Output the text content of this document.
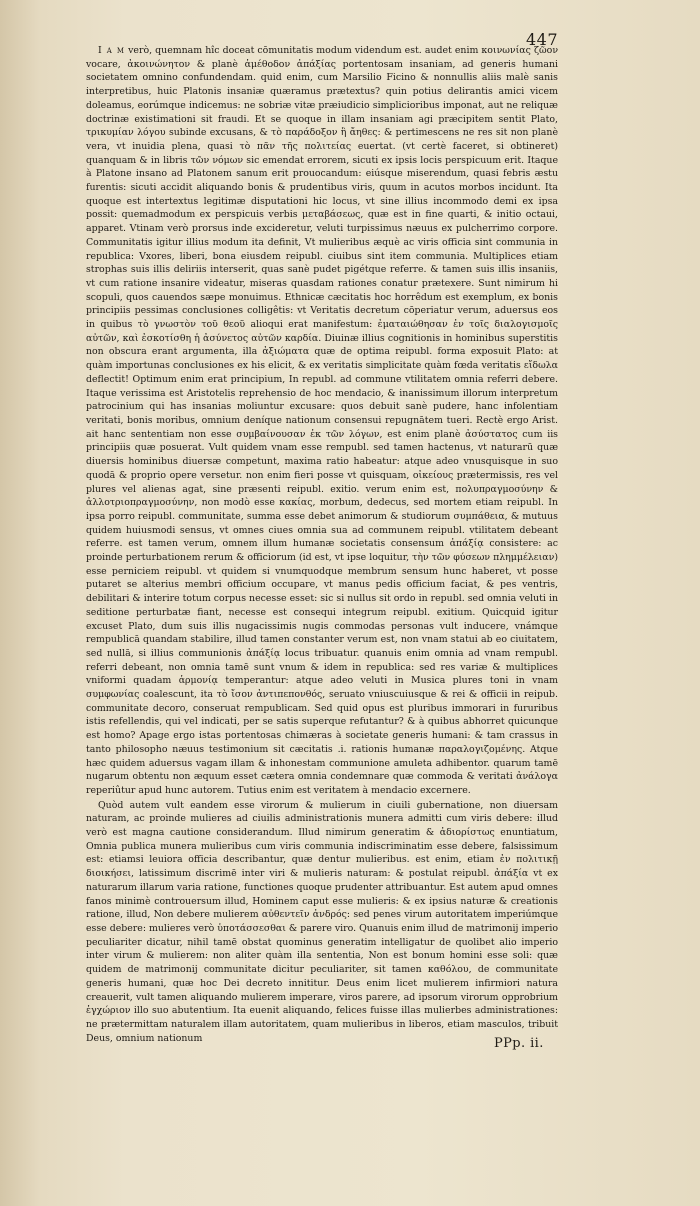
447

I a m verò, quemnam hîc doceat cōmunitatis modum videndum est. audet enim κοινωνίας ζῶον vocare, ἀκοινώνητον & planè ἀμέθοδον ἀπάξίας portentosam insaniam, ad generis humani societatem omnino confundendam. quid enim, cum Marsilio Ficino & nonnullis aliis malè sanis interpretibus, huic Platonis insaniæ quæramus prætextus? quin potius delirantis amici vicem doleamus, eorúmque indicemus: ne sobriæ vitæ præiudicio simplicioribus imponat, aut ne reliquæ doctrinæ existimationi sit fraudi. Et se quoque in illam insaniam agi præcipitem sentit Plato, τρικυμίαν λόγου subinde excusans, & τὸ παράδοξον ἢ ἄηθες: & pertimescens ne res sit non planè vera, vt inuidia plena, quasi τὸ πᾶν τῆς πολιτείας euertat. (vt certè faceret, si obtineret) quanquam & in libris τῶν νόμων sic emendat errorem, sicuti ex ipsis locis perspicuum erit. Itaque à Platone insano ad Platonem sanum erit prouocandum: eiúsque miserendum, quasi febris æstu furentis: sicuti accidit aliquando bonis & prudentibus viris, quum in acutos morbos incidunt. Ita quoque est intertextus legitimæ disputationi hic locus, vt sine illius incommodo demi ex ipsa possit: quemadmodum ex perspicuis verbis μεταβάσεως, quæ est in fine quarti, & initio octaui, apparet. Vtinam verò prorsus inde excideretur, veluti turpissimus næuus ex pulcherrimo corpore. Communitatis igitur illius modum ita definit, Vt mulieribus æquè ac viris officia sint communia in republica: Vxores, liberi, bona eiusdem reipubl. ciuibus sint item communia. Multiplices etiam strophas suis illis deliriis interserit, quas sanè pudet pigétque referre. & tamen suis illis insaniis, vt cum ratione insanire videatur, miseras quasdam rationes conatur prætexere. Sunt nimirum hi scopuli, quos cauendos sæpe monuimus. Ethnicæ cæcitatis hoc horrêdum est exemplum, ex bonis principiis pessimas conclusiones colligêtis: vt Veritatis decretum cōperiatur verum, aduersus eos in quibus τὸ γνωστὸν τοῦ θεοῦ alioqui erat manifestum: ἐματαιώθησαν ἐν τοῖς διαλογισμοῖς αὐτῶν, καὶ ἐσκοτίσθη ἡ ἀσύνετος αὐτῶν καρδία. Diuinæ illius cognitionis in hominibus superstitis non obscura erant argumenta, illa ἀξιώματα quæ de optima reipubl. forma exposuit Plato: at quàm importunas conclusiones ex his elicit, & ex veritatis simplicitate quàm fœda veritatis εἴδωλα deflectit! Optimum enim erat principium, In republ. ad commune vtilitatem omnia referri debere. Itaque verissima est Aristotelis reprehensio de hoc mendacio, & inanissimum illorum interpretum patrocinium qui has insanias moliuntur excusare: quos debuit sanè pudere, hanc infolentiam veritati, bonis moribus, omnium deníque nationum consensui repugnātem tueri. Rectè ergo Arist. ait hanc sententiam non esse συμβαίνουσαν ἐκ τῶν λόγων, est enim planè ἀσύστατος cum iis principiis quæ posuerat. Vult quidem vnam esse rempubl. sed tamen hactenus, vt naturarū quæ diuersis hominibus diuersæ competunt, maxima ratio habeatur: atque adeo vnusquisque in suo quodā & proprio opere versetur. non enim fieri posse vt quisquam, οἰκείους prætermissis, res vel plures vel alienas agat, sine præsenti reipubl. exitio. verum enim est, πολυπραγμοσύνην & ἀλλοτριοπραγμοσύνην, non modò esse κακίας, morbum, dedecus, sed mortem etiam reipubl. In ipsa porro reipubl. communitate, summa esse debet animorum & studiorum συμπάθεια, & mutuus quidem huiusmodi sensus, vt omnes ciues omnia sua ad communem reipubl. vtilitatem debeant referre. est tamen verum, omnem illum humanæ societatis consensum ἀπάξίᾳ consistere: ac proinde perturbationem rerum & officiorum (id est, vt ipse loquitur, τὴν τῶν φύσεων πλημμέλειαν) esse perniciem reipubl. vt quidem si vnumquodque membrum sensum hunc haberet, vt posse putaret se alterius membri officium occupare, vt manus pedis officium faciat, & pes ventris, debilitari & interire totum corpus necesse esset: sic si nullus sit ordo in republ. sed omnia veluti in seditione perturbatæ fiant, necesse est consequi integrum reipubl. exitium. Quicquid igitur excuset Plato, dum suis illis nugacissimis nugis commodas personas vult inducere, vnámque rempublicā quandam stabilire, illud tamen constanter verum est, non vnam statui ab eo ciuitatem, sed nullā, si illius communionis ἀπάξίᾳ locus tribuatur. quanuis enim omnia ad vnam rempubl. referri debeant, non omnia tamē sunt vnum & idem in republica: sed res variæ & multiplices vniformi quadam ἁρμονίᾳ temperantur: atque adeo veluti in Musica plures toni in vnam συμφωνίας coalescunt, ita τὸ ἴσον ἀντιπεπονθός, seruato vniuscuiusque & rei & officii in reipub. communitate decoro, conseruat rempublicam. Sed quid opus est pluribus immorari in fururibus istis refellendis, qui vel indicati, per se satis superque refutantur? & à quibus abhorret quicunque est homo? Apage ergo istas portentosas chimæras à societate generis humani: & tam crassus in tanto philosopho næuus testimonium sit cæcitatis .i. rationis humanæ παραλογιζομένης. Atque hæc quidem aduersus vagam illam & inhonestam communione amuleta adhibentor. quarum tamē nugarum obtentu non æquum esset cætera omnia condemnare quæ commoda & veritati ἀνάλογα reperiûtur apud hunc autorem. Tutius enim est veritatem à mendacio excernere.

Quòd autem vult eandem esse virorum & mulierum in ciuili gubernatione, non diuersam naturam, ac proinde mulieres ad ciuilis administrationis munera admitti cum viris debere: illud verò est magna cautione considerandum. Illud nimirum generatim & ἀδιορίστως enuntiatum, Omnia publica munera mulieribus cum viris communia indiscriminatim esse debere, falsissimum est: etiamsi leuiora officia describantur, quæ dentur mulieribus. est enim, etiam ἐν πολιτικῇ διοικήσει, latissimum discrimē inter viri & mulieris naturam: & postulat reipubl. ἀπάξία vt ex naturarum illarum varia ratione, functiones quoque prudenter attribuantur. Est autem apud omnes fanos minimè controuersum illud, Hominem caput esse mulieris: & ex ipsius naturæ & creationis ratione, illud, Non debere mulierem αὐθεντεῖν ἀνδρός: sed penes virum autoritatem imperiúmque esse debere: mulieres verò ὑποτάσσεσθαι & parere viro. Quanuis enim illud de matrimonij imperio peculiariter dicatur, nihil tamē obstat quominus generatim intelligatur de quolibet alio imperio inter virum & mulierem: non aliter quàm illa sententia, Non est bonum homini esse soli: quæ quidem de matrimonij communitate dicitur peculiariter, sit tamen καθόλου, de communitate generis humani, quæ hoc Dei decreto innititur. Deus enim licet mulierem infirmiori natura creauerit, vult tamen aliquando mulierem imperare, viros parere, ad ipsorum virorum opprobrium ἐγχώριον illo suo abutentium. Ita euenit aliquando, felices fuisse illas mulierbes administrationes: ne prætermittam naturalem illam autoritatem, quam mulieribus in liberos, etiam masculos, tribuit Deus, omnium nationum	PPp. ii.
